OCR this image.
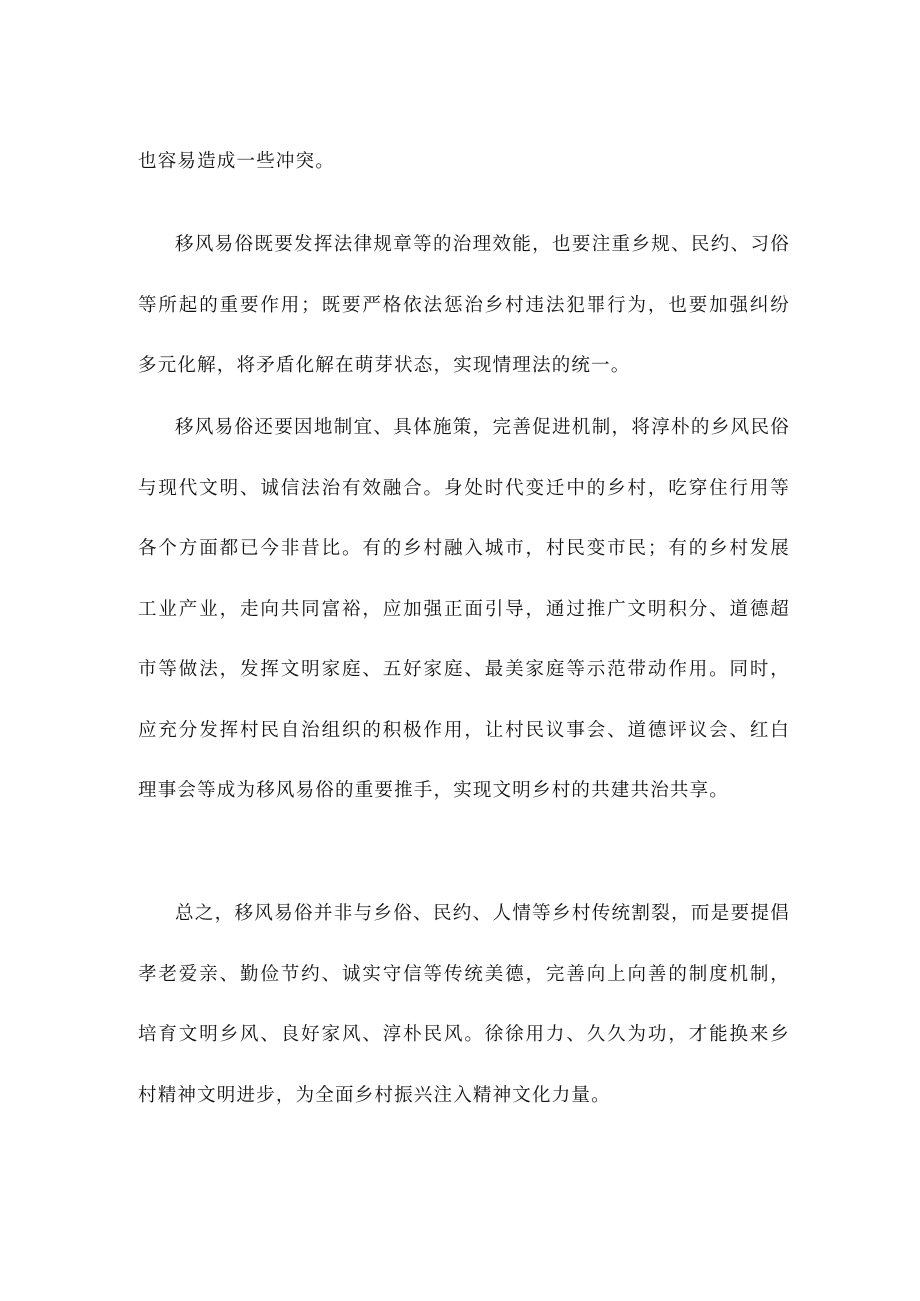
也容易造成一些冲突。
移风易俗既要发挥法律规章等的治理效能，也要注重乡规、民约、习俗
等所起的重要作用；既要严格依法惩治乡村违法犯罪行为，也要加强纠纷
多元化解，将矛盾化解在萌芽状态，实现情理法的统一。
移风易俗还要因地制宜、具体施策，完善促进机制，将淳朴的乡风民俗
与现代文明、诚信法治有效融合。身处时代变迁中的乡村，吃穿住行用等
各个方面都已今非昔比。有的乡村融入城市，村民变市民；有的乡村发展
工业产业，走向共同富裕，应加强正面引导，通过推广文明积分、道德超
市等做法，发挥文明家庭、五好家庭、最美家庭等示范带动作用。同时，
应充分发挥村民自治组织的积极作用，让村民议事会、道德评议会、红白
理事会等成为移风易俗的重要推手，实现文明乡村的共建共治共享。
总之，移风易俗并非与乡俗、民约、人情等乡村传统割裂，而是要提倡
孝老爱亲、勤俭节约、诚实守信等传统美德，完善向上向善的制度机制，
培育文明乡风、良好家风、淳朴民风。徐徐用力、久久为功，才能换来乡
村精神文明进步，为全面乡村振兴注入精神文化力量。
